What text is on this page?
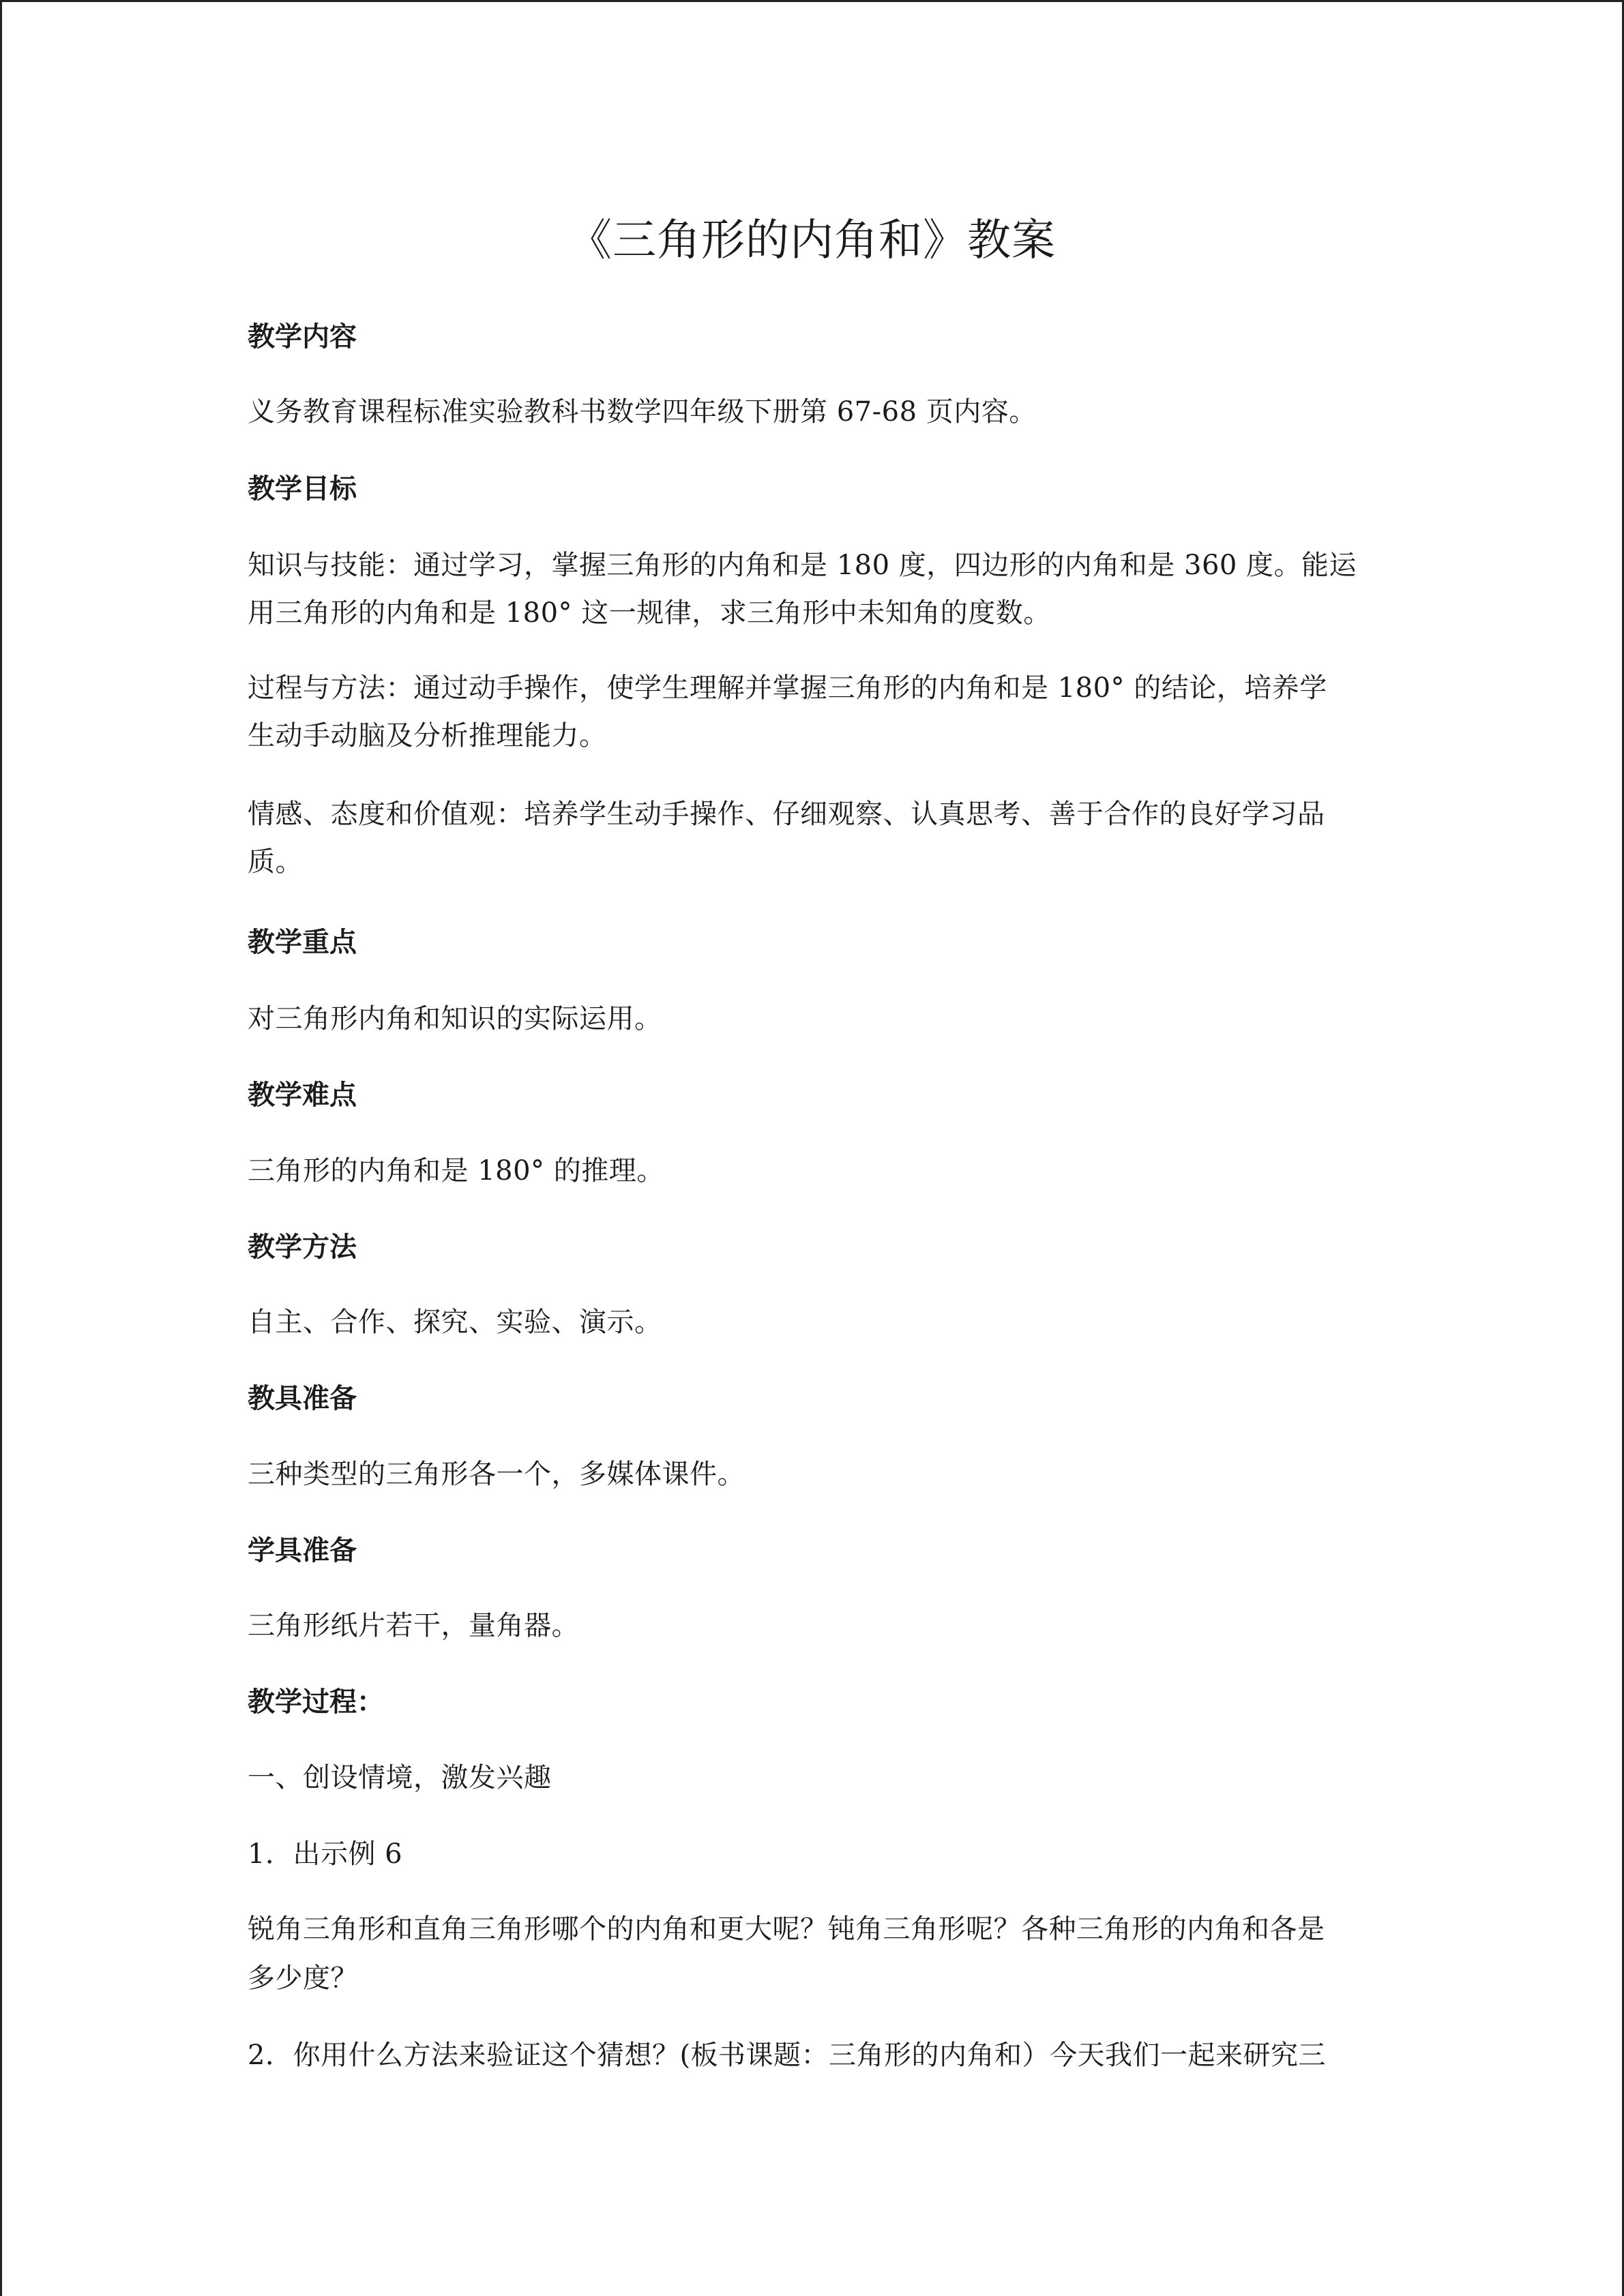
《三角形的内角和》教案
教学内容
义务教育课程标准实验教科书数学四年级下册第 67-68 页内容。
教学目标
知识与技能：通过学习，掌握三角形的内角和是 180 度，四边形的内角和是 360 度。能运
用三角形的内角和是 180° 这一规律，求三角形中未知角的度数。
过程与方法：通过动手操作，使学生理解并掌握三角形的内角和是 180° 的结论，培养学
生动手动脑及分析推理能力。
情感、态度和价值观：培养学生动手操作、仔细观察、认真思考、善于合作的良好学习品
质。
教学重点
对三角形内角和知识的实际运用。
教学难点
三角形的内角和是 180° 的推理。
教学方法
自主、合作、探究、实验、演示。
教具准备
三种类型的三角形各一个，多媒体课件。
学具准备
三角形纸片若干，量角器。
教学过程：
一、创设情境，激发兴趣
1．出示例 6
锐角三角形和直角三角形哪个的内角和更大呢？钝角三角形呢？各种三角形的内角和各是
多少度？
2．你用什么方法来验证这个猜想？(板书课题：三角形的内角和）今天我们一起来研究三
